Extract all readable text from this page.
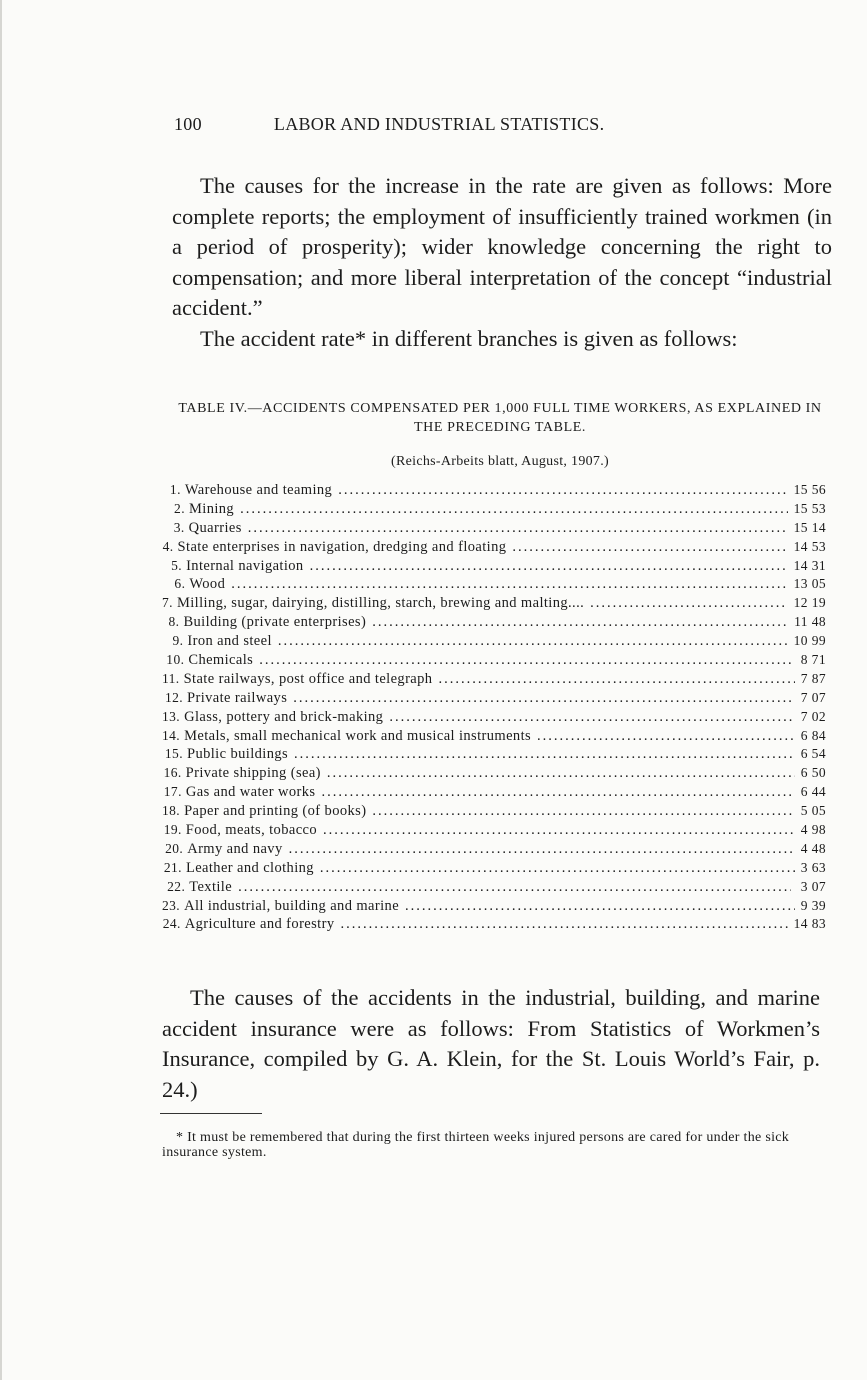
100	LABOR AND INDUSTRIAL STATISTICS.
The causes for the increase in the rate are given as follows: More complete reports; the employment of insufficiently trained workmen (in a period of prosperity); wider knowledge concerning the right to compensation; and more liberal interpretation of the concept “industrial accident.”
The accident rate* in different branches is given as follows:
TABLE IV.—ACCIDENTS COMPENSATED PER 1,000 FULL TIME WORKERS, AS EXPLAINED IN THE PRECEDING TABLE.
(Reichs-Arbeits blatt, August, 1907.)
1. Warehouse and teaming .....	15 56
2. Mining .....	15 53
3. Quarries .....	15 14
4. State enterprises in navigation, dredging and floating .....	14 53
5. Internal navigation .....	14 31
6. Wood .....	13 05
7. Milling, sugar, dairying, distilling, starch, brewing and malting.... .....	12 19
8. Building (private enterprises) .....	11 48
9. Iron and steel .....	10 99
10. Chemicals .....	8 71
11. State railways, post office and telegraph .....	7 87
12. Private railways .....	7 07
13. Glass, pottery and brick-making .....	7 02
14. Metals, small mechanical work and musical instruments .....	6 84
15. Public buildings .....	6 54
16. Private shipping (sea) .....	6 50
17. Gas and water works .....	6 44
18. Paper and printing (of books) .....	5 05
19. Food, meats, tobacco .....	4 98
20. Army and navy .....	4 48
21. Leather and clothing .....	3 63
22. Textile .....	3 07
23. All industrial, building and marine .....	9 39
24. Agriculture and forestry .....	14 83
The causes of the accidents in the industrial, building, and marine accident insurance were as follows: From Statistics of Workmen’s Insurance, compiled by G. A. Klein, for the St. Louis World’s Fair, p. 24.)
* It must be remembered that during the first thirteen weeks injured persons are cared for under the sick insurance system.
